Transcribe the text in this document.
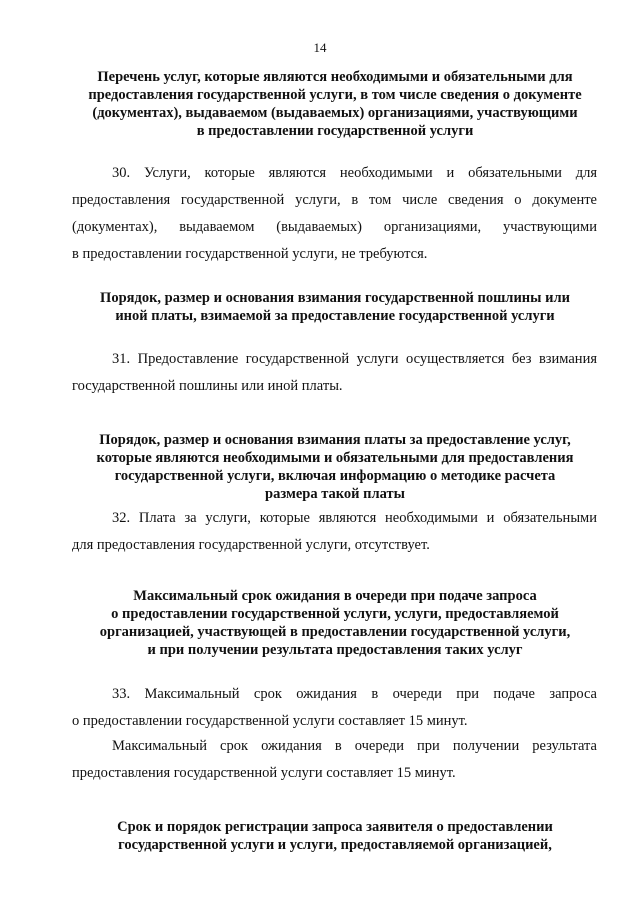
14
Перечень услуг, которые являются необходимыми и обязательными для
предоставления государственной услуги, в том числе сведения о документе
(документах), выдаваемом (выдаваемых) организациями, участвующими
в предоставлении государственной услуги
30. Услуги, которые являются необходимыми и обязательными для
предоставления государственной услуги, в том числе сведения о документе
(документах), выдаваемом (выдаваемых) организациями, участвующими
в предоставлении государственной услуги, не требуются.
Порядок, размер и основания взимания государственной пошлины или
иной платы, взимаемой за предоставление государственной услуги
31. Предоставление государственной услуги осуществляется без взимания
государственной пошлины или иной платы.
Порядок, размер и основания взимания платы за предоставление услуг,
которые являются необходимыми и обязательными для предоставления
государственной услуги, включая информацию о методике расчета
размера такой платы
32. Плата за услуги, которые являются необходимыми и обязательными
для предоставления государственной услуги, отсутствует.
Максимальный срок ожидания в очереди при подаче запроса
о предоставлении государственной услуги, услуги, предоставляемой
организацией, участвующей в предоставлении государственной услуги,
и при получении результата предоставления таких услуг
33. Максимальный срок ожидания в очереди при подаче запроса
о предоставлении государственной услуги составляет 15 минут.
Максимальный срок ожидания в очереди при получении результата
предоставления государственной услуги составляет 15 минут.
Срок и порядок регистрации запроса заявителя о предоставлении
государственной услуги и услуги, предоставляемой организацией,
